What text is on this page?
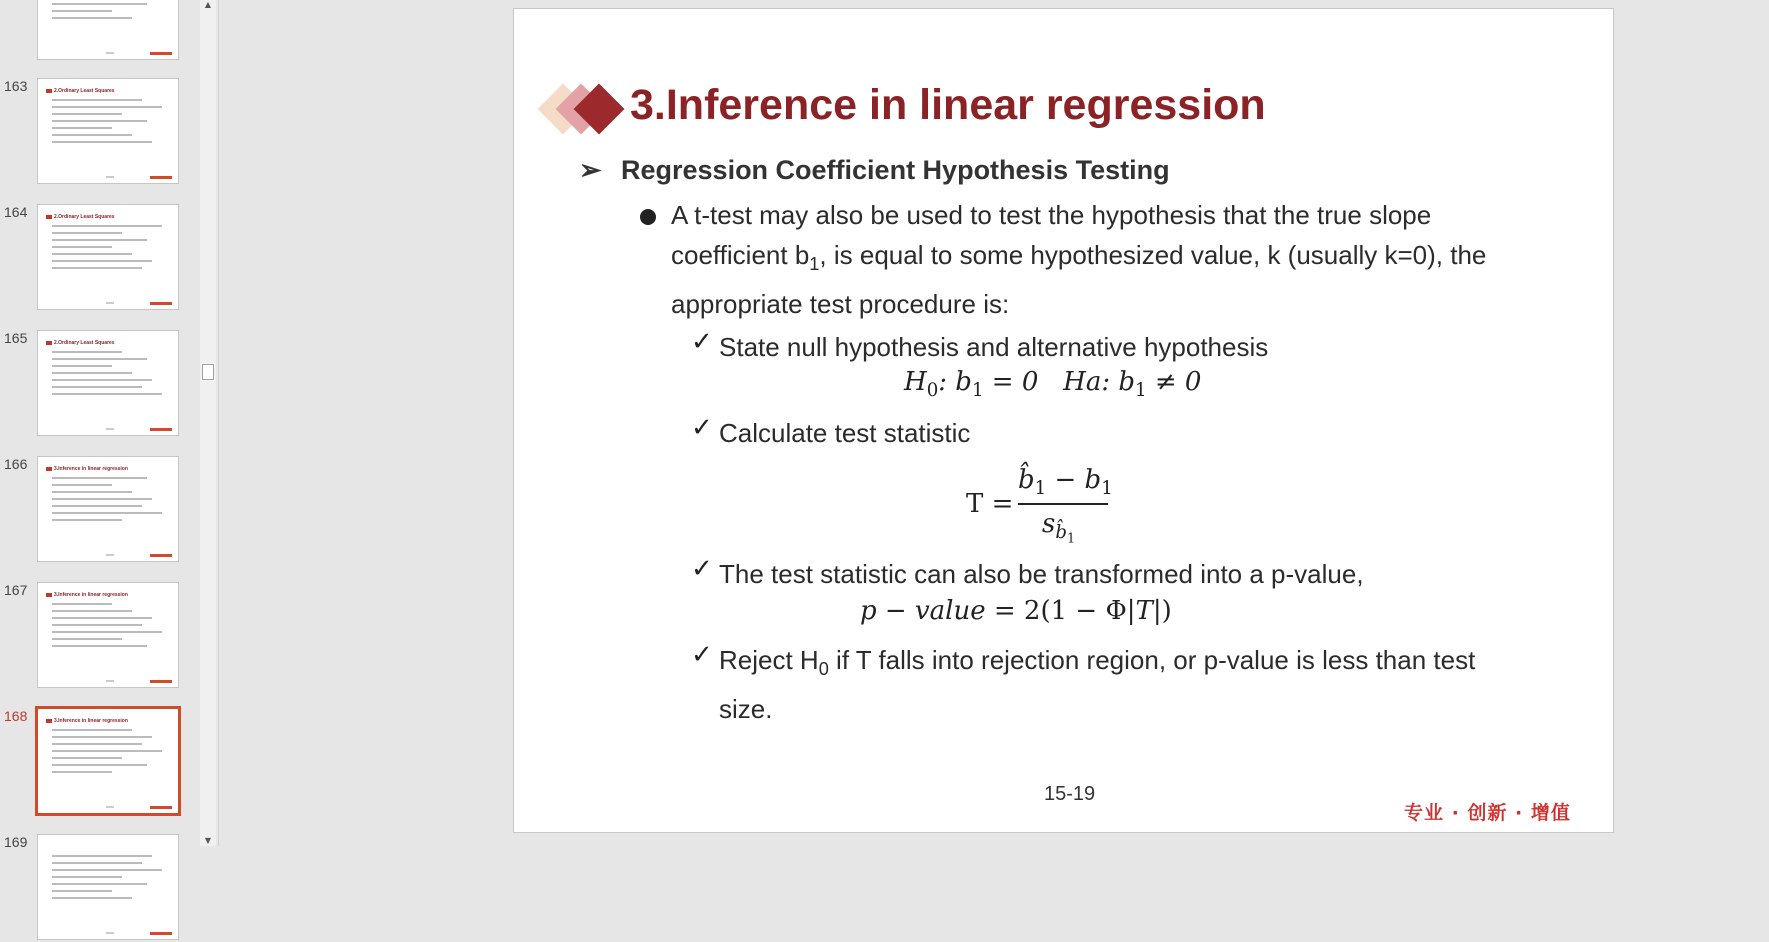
163	2.Ordinary Least Squares
164	2.Ordinary Least Squares
165	2.Ordinary Least Squares
166	3.Inference in linear regression
167	3.Inference in linear regression
168	3.Inference in linear regression
169
▲
▼
3.Inference in linear regression
➢ Regression Coefficient Hypothesis Testing
A t-test may also be used to test the hypothesis that the true slope coefficient $b_1$, is equal to some hypothesized value, k (usually k=0), the appropriate test procedure is:
✓ State null hypothesis and alternative hypothesis
$H_0$: $b_1 = 0$   Ha: $b_1 \ne 0$
✓ Calculate test statistic
T =
$b̂_1 - b_1$
$s_{b̂_1}$
✓ The test statistic can also be transformed into a p-value,
p − value = 2(1 − Φ|T|)
✓ Reject $H_0$ if T falls into rejection region, or p-value is less than test
size.
15-19
专业 · 创新 · 增值
